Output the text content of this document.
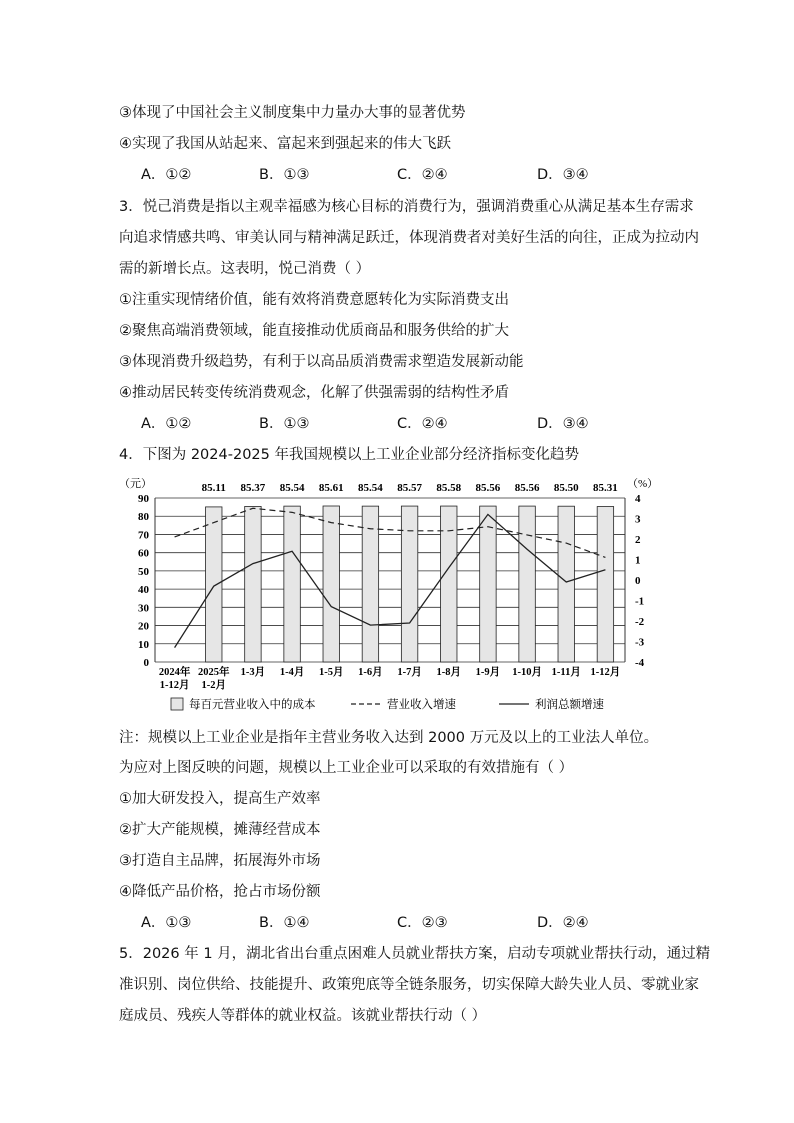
③体现了中国社会主义制度集中力量办大事的显著优势
④实现了我国从站起来、富起来到强起来的伟大飞跃
A．①②	B．①③	C．②④	D．③④
3．悦己消费是指以主观幸福感为核心目标的消费行为，强调消费重心从满足基本生存需求
向追求情感共鸣、审美认同与精神满足跃迁，体现消费者对美好生活的向往，正成为拉动内
需的新增长点。这表明，悦己消费（ ）
①注重实现情绪价值，能有效将消费意愿转化为实际消费支出
②聚焦高端消费领域，能直接推动优质商品和服务供给的扩大
③体现消费升级趋势，有利于以高品质消费需求塑造发展新动能
④推动居民转变传统消费观念，化解了供强需弱的结构性矛盾
A．①②	B．①③	C．②④	D．③④
4．下图为 2024-2025 年我国规模以上工业企业部分经济指标变化趋势
（元）	（%）
0
10
20
30
40
50
60
70
80
90
-4
-3
-2
-1
0
1
2
3
4
85.11 85.37 85.54 85.61 85.54 85.57 85.58 85.56 85.56 85.50 85.31
2024年
1-12月
2025年
1-2月
1-3月 1-4月 1-5月 1-6月 1-7月 1-8月 1-9月 1-10月 1-11月 1-12月
每百元营业收入中的成本	营业收入增速	利润总额增速
注：规模以上工业企业是指年主营业务收入达到 2000 万元及以上的工业法人单位。
为应对上图反映的问题，规模以上工业企业可以采取的有效措施有（ ）
①加大研发投入，提高生产效率
②扩大产能规模，摊薄经营成本
③打造自主品牌，拓展海外市场
④降低产品价格，抢占市场份额
A．①③	B．①④	C．②③	D．②④
5．2026 年 1 月，湖北省出台重点困难人员就业帮扶方案，启动专项就业帮扶行动，通过精
准识别、岗位供给、技能提升、政策兜底等全链条服务，切实保障大龄失业人员、零就业家
庭成员、残疾人等群体的就业权益。该就业帮扶行动（ ）
